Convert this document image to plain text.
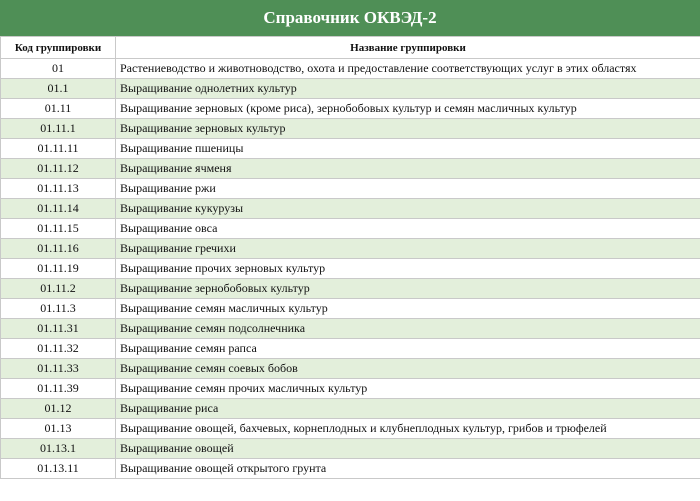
Справочник ОКВЭД-2
Код группировки	Название группировки
01	Растениеводство и животноводство, охота и предоставление соответствующих услуг в этих областях
01.1	Выращивание однолетних культур
01.11	Выращивание зерновых (кроме риса), зернобобовых культур и семян масличных культур
01.11.1	Выращивание зерновых культур
01.11.11	Выращивание пшеницы
01.11.12	Выращивание ячменя
01.11.13	Выращивание ржи
01.11.14	Выращивание кукурузы
01.11.15	Выращивание овса
01.11.16	Выращивание гречихи
01.11.19	Выращивание прочих зерновых культур
01.11.2	Выращивание зернобобовых культур
01.11.3	Выращивание семян масличных культур
01.11.31	Выращивание семян подсолнечника
01.11.32	Выращивание семян рапса
01.11.33	Выращивание семян соевых бобов
01.11.39	Выращивание семян прочих масличных культур
01.12	Выращивание риса
01.13	Выращивание овощей, бахчевых, корнеплодных и клубнеплодных культур, грибов и трюфелей
01.13.1	Выращивание овощей
01.13.11	Выращивание овощей открытого грунта
